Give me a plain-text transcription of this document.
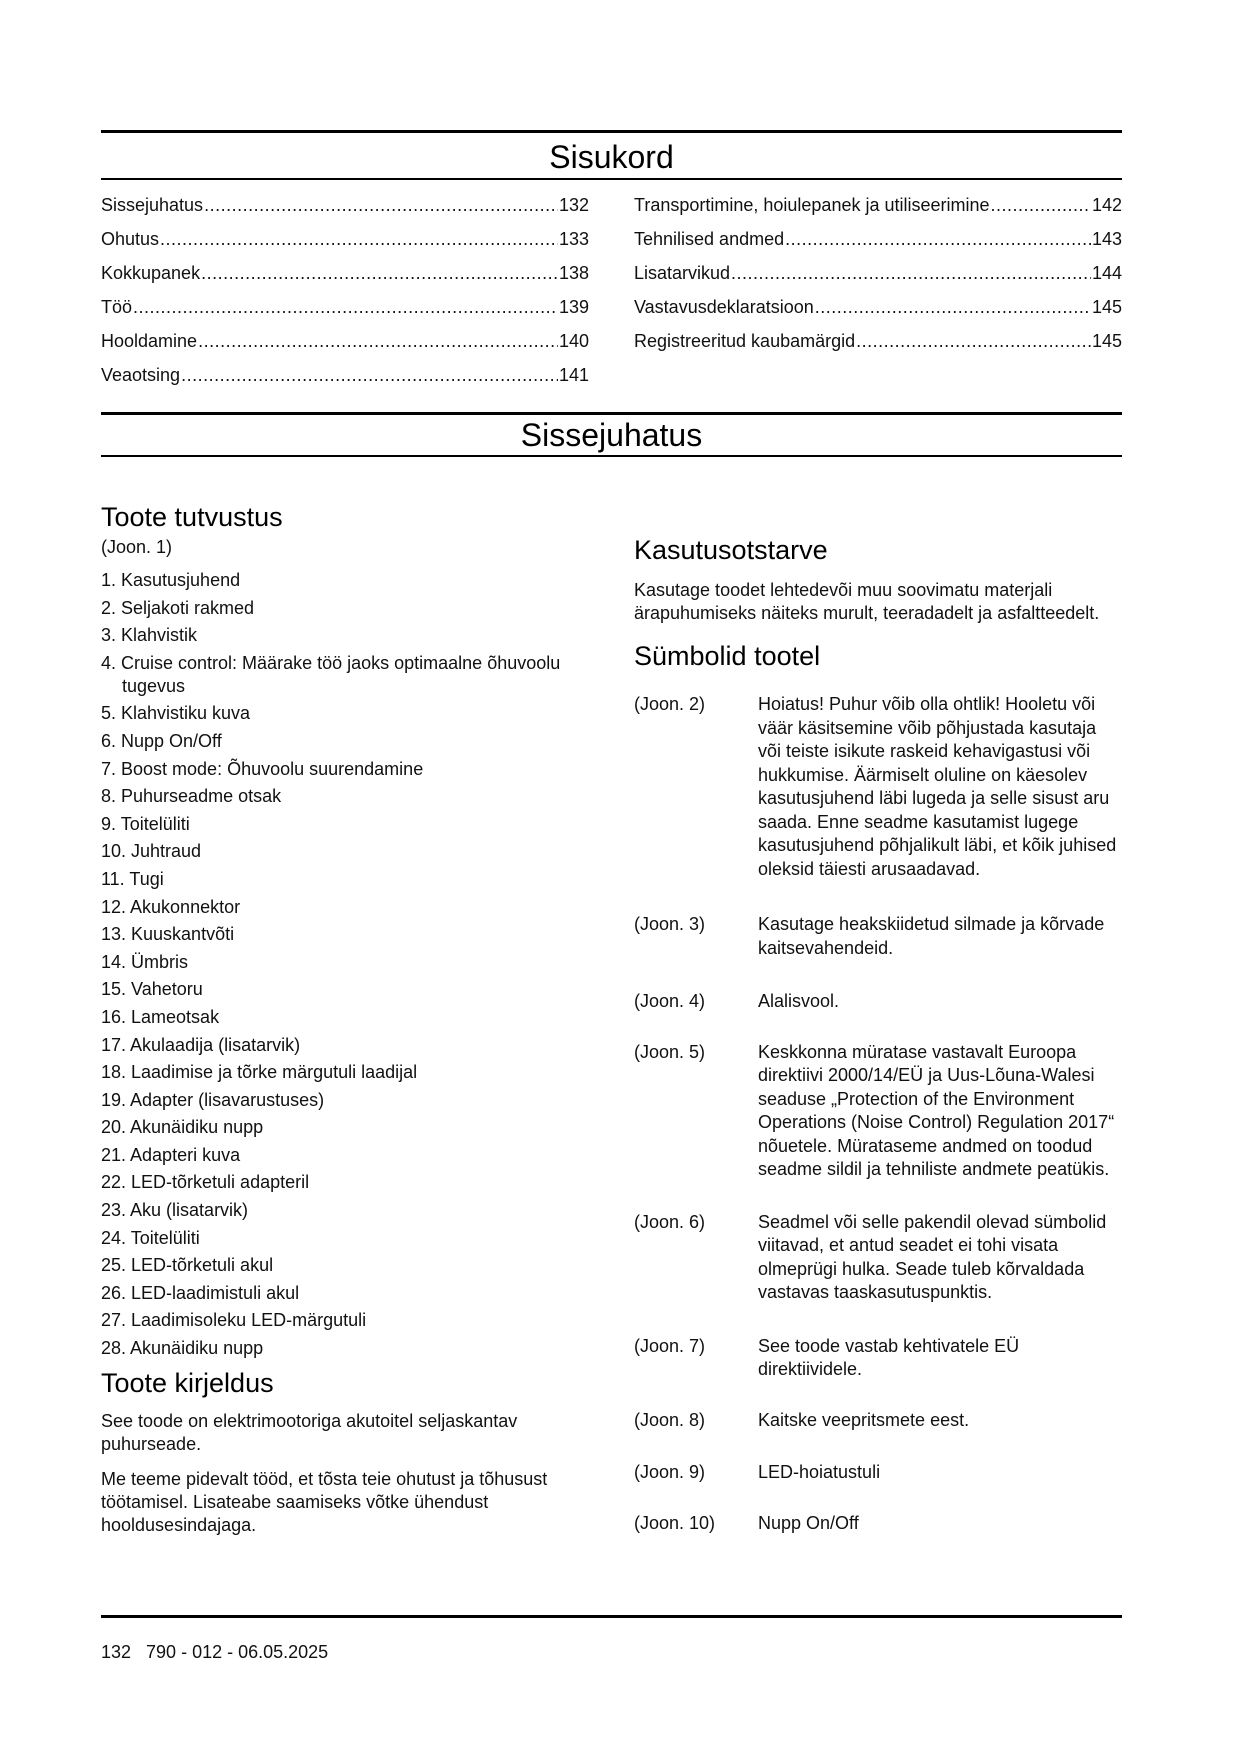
Sisukord
Sissejuhatus .....	132
Ohutus .....	133
Kokkupanek .....	138
Töö .....	139
Hooldamine .....	140
Veaotsing .....	141
Transportimine, hoiulepanek ja utiliseerimine .....	142
Tehnilised andmed .....	143
Lisatarvikud .....	144
Vastavusdeklaratsioon .....	145
Registreeritud kaubamärgid .....	145
Sissejuhatus
Toote tutvustus

(Joon. 1)

1. Kasutusjuhend
2. Seljakoti rakmed
3. Klahvistik
4. Cruise control: Määrake töö jaoks optimaalne õhuvoolu tugevus
5. Klahvistiku kuva
6. Nupp On/Off
7. Boost mode: Õhuvoolu suurendamine
8. Puhurseadme otsak
9. Toitelüliti
10. Juhtraud
11. Tugi
12. Akukonnektor
13. Kuuskantvõti
14. Ümbris
15. Vahetoru
16. Lameotsak
17. Akulaadija (lisatarvik)
18. Laadimise ja tõrke märgutuli laadijal
19. Adapter (lisavarustuses)
20. Akunäidiku nupp
21. Adapteri kuva
22. LED-tõrketuli adapteril
23. Aku (lisatarvik)
24. Toitelüliti
25. LED-tõrketuli akul
26. LED-laadimistuli akul
27. Laadimisoleku LED-märgutuli
28. Akunäidiku nupp
Toote kirjeldus

See toode on elektrimootoriga akutoitel seljaskantav puhurseade.

Me teeme pidevalt tööd, et tõsta teie ohutust ja tõhusust töötamisel. Lisateabe saamiseks võtke ühendust hooldusesindajaga.

Kasutusotstarve

Kasutage toodet lehtedevõi muu soovimatu materjali ärapuhumiseks näiteks murult, teeradadelt ja asfaltteedelt.

Sümbolid tootel
(Joon. 2)	Hoiatus! Puhur võib olla ohtlik! Hooletu või väär käsitsemine võib põhjustada kasutaja või teiste isikute raskeid kehavigastusi või hukkumise. Äärmiselt oluline on käesolev kasutusjuhend läbi lugeda ja selle sisust aru saada. Enne seadme kasutamist lugege kasutusjuhend põhjalikult läbi, et kõik juhised oleksid täiesti arusaadavad.
(Joon. 3)	Kasutage heakskiidetud silmade ja kõrvade kaitsevahendeid.
(Joon. 4)	Alalisvool.
(Joon. 5)	Keskkonna müratase vastavalt Euroopa direktiivi 2000/14/EÜ ja Uus-Lõuna-Walesi seaduse „Protection of the Environment Operations (Noise Control) Regulation 2017“ nõuetele. Mürataseme andmed on toodud seadme sildil ja tehniliste andmete peatükis.
(Joon. 6)	Seadmel või selle pakendil olevad sümbolid viitavad, et antud seadet ei tohi visata olmeprügi hulka. Seade tuleb kõrvaldada vastavas taaskasutuspunktis.
(Joon. 7)	See toode vastab kehtivatele EÜ direktiividele.
(Joon. 8)	Kaitske veepritsmete eest.
(Joon. 9)	LED-hoiatustuli
(Joon. 10)	Nupp On/Off
132   790 - 012 - 06.05.2025
